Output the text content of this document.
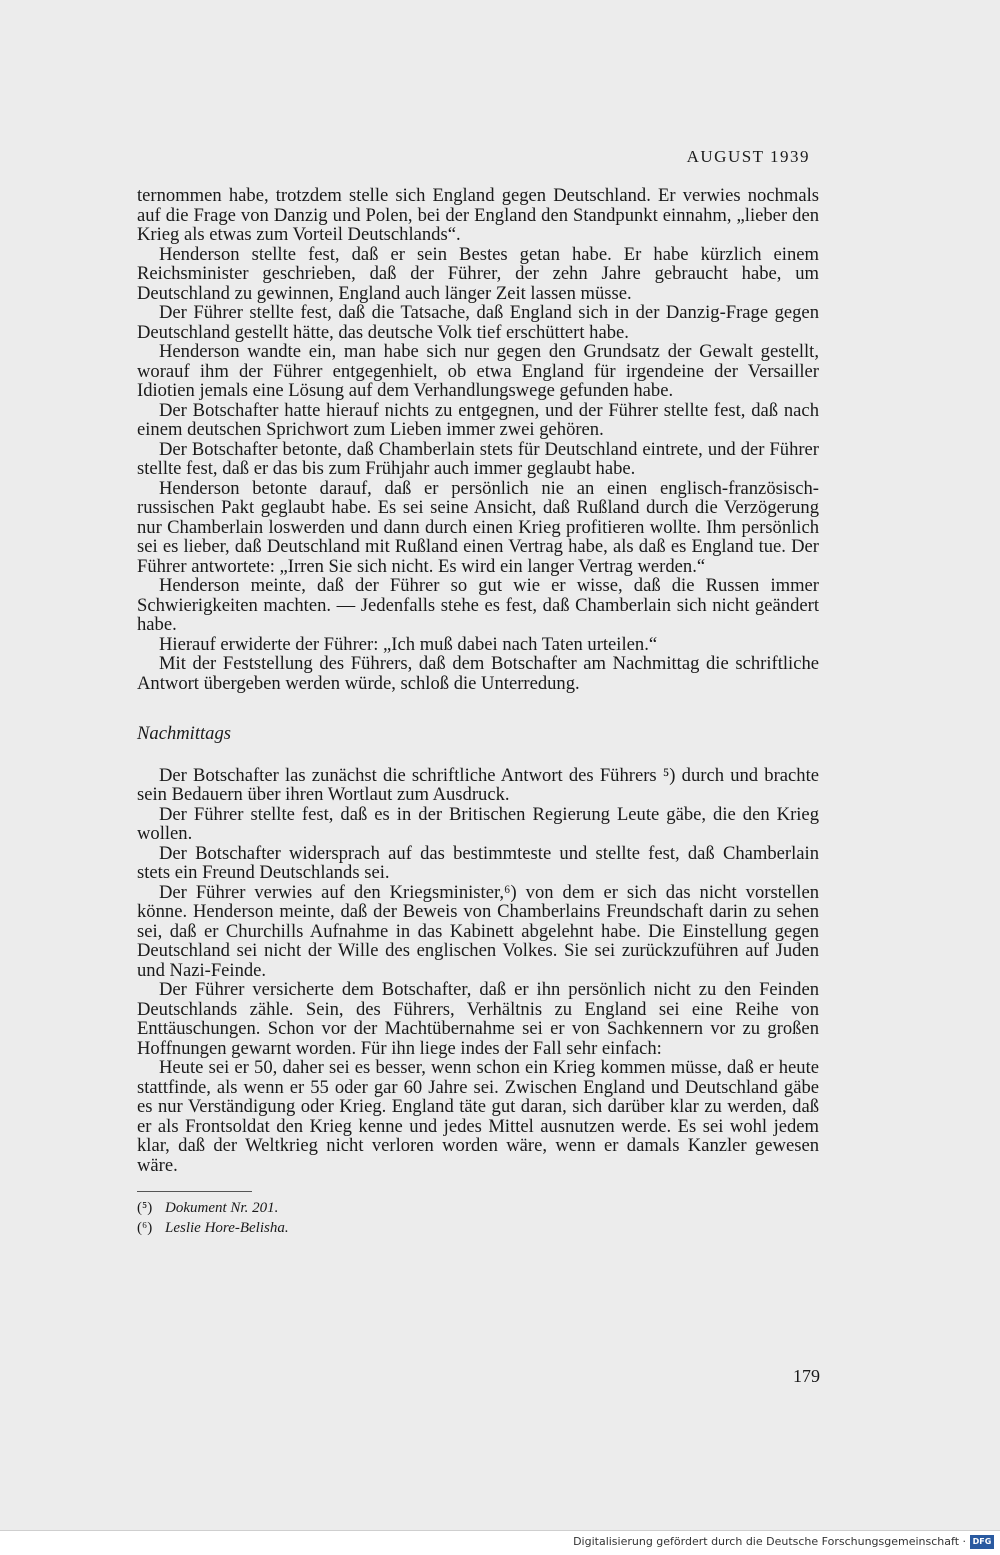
AUGUST 1939

ternommen habe, trotzdem stelle sich England gegen Deutschland. Er verwies nochmals auf die Frage von Danzig und Polen, bei der England den Standpunkt einnahm, „lieber den Krieg als etwas zum Vorteil Deutschlands“.

Henderson stellte fest, daß er sein Bestes getan habe. Er habe kürzlich einem Reichsminister geschrieben, daß der Führer, der zehn Jahre gebraucht habe, um Deutschland zu gewinnen, England auch länger Zeit lassen müsse.

Der Führer stellte fest, daß die Tatsache, daß England sich in der Danzig-Frage gegen Deutschland gestellt hätte, das deutsche Volk tief erschüttert habe.

Henderson wandte ein, man habe sich nur gegen den Grundsatz der Gewalt gestellt, worauf ihm der Führer entgegenhielt, ob etwa England für irgendeine der Versailler Idiotien jemals eine Lösung auf dem Verhandlungswege gefunden habe.

Der Botschafter hatte hierauf nichts zu entgegnen, und der Führer stellte fest, daß nach einem deutschen Sprichwort zum Lieben immer zwei gehören.

Der Botschafter betonte, daß Chamberlain stets für Deutschland eintrete, und der Führer stellte fest, daß er das bis zum Frühjahr auch immer geglaubt habe.

Henderson betonte darauf, daß er persönlich nie an einen englisch-französisch-russischen Pakt geglaubt habe. Es sei seine Ansicht, daß Rußland durch die Verzögerung nur Chamberlain loswerden und dann durch einen Krieg profitieren wollte. Ihm persönlich sei es lieber, daß Deutschland mit Rußland einen Vertrag habe, als daß es England tue. Der Führer antwortete: „Irren Sie sich nicht. Es wird ein langer Vertrag werden.“

Henderson meinte, daß der Führer so gut wie er wisse, daß die Russen immer Schwierigkeiten machten. — Jedenfalls stehe es fest, daß Chamberlain sich nicht geändert habe.

Hierauf erwiderte der Führer: „Ich muß dabei nach Taten urteilen.“

Mit der Feststellung des Führers, daß dem Botschafter am Nachmittag die schriftliche Antwort übergeben werden würde, schloß die Unterredung.

Nachmittags

Der Botschafter las zunächst die schriftliche Antwort des Führers ⁵) durch und brachte sein Bedauern über ihren Wortlaut zum Ausdruck.

Der Führer stellte fest, daß es in der Britischen Regierung Leute gäbe, die den Krieg wollen.

Der Botschafter widersprach auf das bestimmteste und stellte fest, daß Chamberlain stets ein Freund Deutschlands sei.

Der Führer verwies auf den Kriegsminister,⁶) von dem er sich das nicht vorstellen könne. Henderson meinte, daß der Beweis von Chamberlains Freundschaft darin zu sehen sei, daß er Churchills Aufnahme in das Kabinett abgelehnt habe. Die Einstellung gegen Deutschland sei nicht der Wille des englischen Volkes. Sie sei zurückzuführen auf Juden und Nazi-Feinde.

Der Führer versicherte dem Botschafter, daß er ihn persönlich nicht zu den Feinden Deutschlands zähle. Sein, des Führers, Verhältnis zu England sei eine Reihe von Enttäuschungen. Schon vor der Machtübernahme sei er von Sachkennern vor zu großen Hoffnungen gewarnt worden. Für ihn liege indes der Fall sehr einfach:

Heute sei er 50, daher sei es besser, wenn schon ein Krieg kommen müsse, daß er heute stattfinde, als wenn er 55 oder gar 60 Jahre sei. Zwischen England und Deutschland gäbe es nur Verständigung oder Krieg. England täte gut daran, sich darüber klar zu werden, daß er als Frontsoldat den Krieg kenne und jedes Mittel ausnutzen werde. Es sei wohl jedem klar, daß der Weltkrieg nicht verloren worden wäre, wenn er damals Kanzler gewesen wäre.

(⁵) Dokument Nr. 201.

(⁶) Leslie Hore-Belisha.

179
Digitalisierung gefördert durch die Deutsche Forschungsgemeinschaft · DFG
